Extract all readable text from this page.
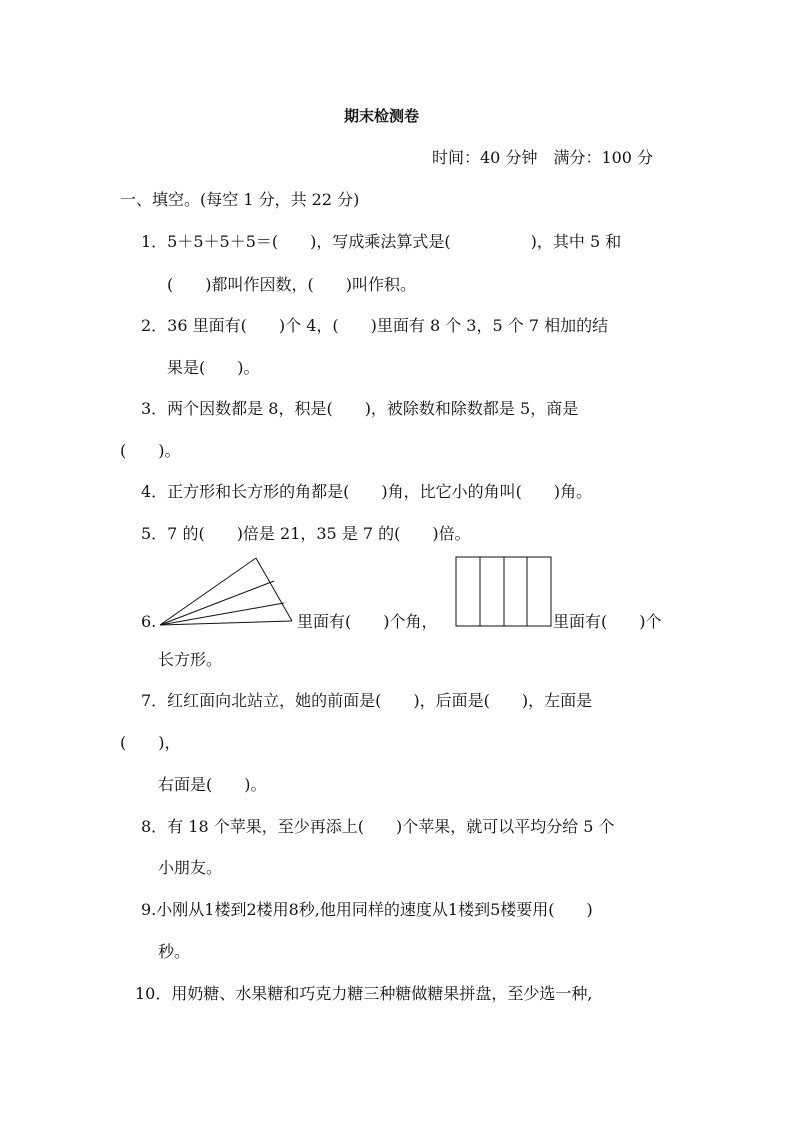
期末检测卷
时间：40 分钟　满分：100 分
一、填空。(每空 1 分，共 22 分)
1．5＋5＋5＋5＝(　　)，写成乘法算式是(　　　　　)，其中 5 和
(　　)都叫作因数，(　　)叫作积。
2．36 里面有(　　)个 4，(　　)里面有 8 个 3，5 个 7 相加的结
果是(　　)。
3．两个因数都是 8，积是(　　)，被除数和除数都是 5，商是
(　　)。
4．正方形和长方形的角都是(　　)角，比它小的角叫(　　)角。
5．7 的(　　)倍是 21，35 是 7 的(　　)倍。
6.	里面有(　　)个角，	里面有(　　)个
长方形。
7．红红面向北站立，她的前面是(　　)，后面是(　　)，左面是
(　　)，
右面是(　　)。
8．有 18 个苹果，至少再添上(　　)个苹果，就可以平均分给 5 个
小朋友。
9.小刚从1楼到2楼用8秒,他用同样的速度从1楼到5楼要用(　　)
秒。
10．用奶糖、水果糖和巧克力糖三种糖做糖果拼盘，至少选一种,
